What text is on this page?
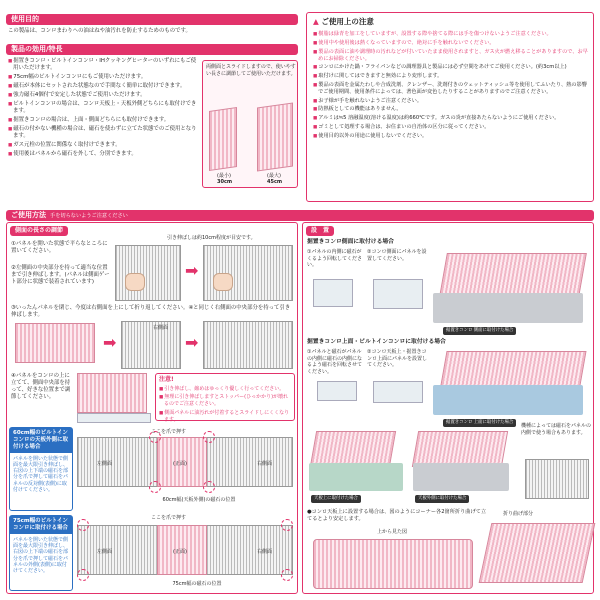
使用目的
この製品は、コンロまわりへの油はねや油汚れを防止するためのものです。
製品の効用/特長
■ 据置きコンロ・ビルトインコンロ・IHクッキングヒーターのいずれにもご使用いただけます。
■ 75cm幅のビルトインコンロにもご使用いただけます。
■ 磁石が本体にセットされた状態なので手間なく簡単に取付けできます。
■ 強力磁石4個付で安定した状態でご使用いただけます。
■ ビルトインコンロの場合は、コンロ天板上・天板外側どちらにも取付けできます。
■ 据置きコンロの場合は、上面・側面どちらにも取付けできます。
■ 磁石の付かない機種の場合は、磁石を使わずに立てた状態でのご使用となります。
■ ガス元栓の位置に関係なく取付けできます。
■ 使用後はパネルから磁石を外して、分別できます。
両側面とスライドしますので、使いやすい長さに調節してご使用いただけます。
(最小)
30cm
(最大)
45cm
▲ ご使用上の注意
■ 樹脂は緑青を加工をしていますが、設置する際や捨てる際には手を傷つけないようご注意ください。
■ 使用中や使用後は熱くなっていますので、絶対に手を触れないでください。
■ 製品の表面に油や調理時の汚れなどが付いていたまま使用されますと、ガス火が燃え移ることがありますので、お早めにお掃除ください。
■ コンロにかけた鍋・フライパンなどの調理器具と製品には必ず空間をあけてご使用ください。(約3cm以上)
■ 取付けに関してはできますと無効により変形します。
■ 製品の表面を金属たわしや合成洗剤、クレンザー、洗剤付きのウェットティッシュ等を使用してふいたり、熱の影響でご使用期間、使用条件によっては、著色面が変色したりすることがありますのでご注意ください。
■ お子様が手を触れないようご注意ください。
■ 防熱板としての機能はありません。
■ アルミは≒5 溶融温度(溶ける温度)は約660℃です。ガスの炎が直接あたらないようにご使用ください。
■ ゴミとして処理する場合は、お住まいの自治体の区分に従ってください。
■ 使用目的以外の用途に使用しないでください。
ご使用方法 手を切らないようご注意ください
側面の長さの調節
①パネルを開いた状態で平らなところに置いてください。
②左側面の中央部分を持って適当な位置まで引き伸ばします。(パネルは側面ゲート部分に状態で装着されています)
引き伸ばしは約10cm程度が目安です。
➡
③いったんパネルを閉じ、今度は右側面を上にして折り返してください。④と同じく右側面の中央部分を持って引き伸ばします。
➡
右側面
➡
④パネルをコンロの上に立てて、側面中央部を持って、好きな位置まで調節してください。
注意!
■ 引き伸ばし、縮めはゆっくり優しく行ってください。
■ 無理に引き伸ばしますとストッパー(ひっかかり)が壊れるのでご注意ください。
■ 側面パネルに油汚れが付着するとスライドしにくくなります。
60cm幅のビルトインコンロの天板外側に取付ける場合
パネルを開いた状態で側面を最大限引き伸ばし、右図の上下端の磁石を部分を爪で押して磁石をパネルの反対側(表側)に取付けてください。
ここを爪で押す
左側面	(正面)	右側面
60cm幅(天板外側)の磁石の位置
75cm幅のビルトインコンロに取付ける場合
パネルを開いた状態で側面を最大限引き伸ばし、右図の上下端の磁石を部分を爪で押して磁石をパネルの外側(表側)に取付けてください。
ここを爪で押す
左側面	(正面)	右側面
75cm幅の磁石の位置
設　置
据置きコンロ側面に取付ける場合
①パネルの内側に磁石がくるよう回転してください。
②コンロ側面にパネルを設置してください。
据置きコンロ 側面に取付けた場合
据置きコンロ上面・ビルトインコンロに取付ける場合
①パネルと磁石がパネルの内側に磁石の内側になるよう磁石を回転させてください。
②コンロ天板上・据置きコンロ上面にパネルを設置してください。
据置きコンロ 上面に取付けた場合
機種によっては磁石をパネルの内側で使う場合もあります。
天板上に取付けた場合	天板外側に取付けた場合
●コンロ天板上に設置する場合は、図のようにコーナー各2箇所折り曲げて立てるとより安定します。
折り曲げ部分
上から見た図
